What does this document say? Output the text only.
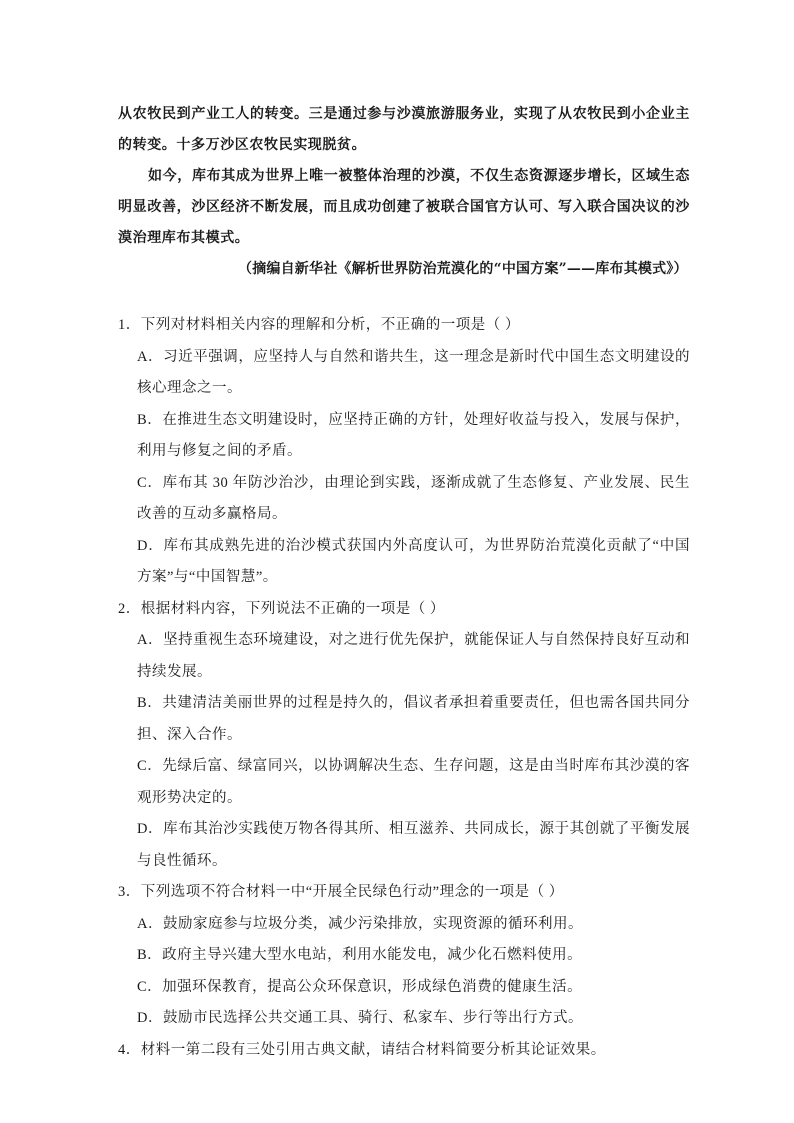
从农牧民到产业工人的转变。三是通过参与沙漠旅游服务业，实现了从农牧民到小企业主的转变。十多万沙区农牧民实现脱贫。

如今，库布其成为世界上唯一被整体治理的沙漠，不仅生态资源逐步增长，区域生态明显改善，沙区经济不断发展，而且成功创建了被联合国官方认可、写入联合国决议的沙漠治理库布其模式。

（摘编自新华社《解析世界防治荒漠化的“中国方案”——库布其模式》）

1．下列对材料相关内容的理解和分析，不正确的一项是（ ）

A．习近平强调，应坚持人与自然和谐共生，这一理念是新时代中国生态文明建设的核心理念之一。

B．在推进生态文明建设时，应坚持正确的方针，处理好收益与投入，发展与保护，利用与修复之间的矛盾。

C．库布其 30 年防沙治沙，由理论到实践，逐渐成就了生态修复、产业发展、民生改善的互动多赢格局。

D．库布其成熟先进的治沙模式获国内外高度认可，为世界防治荒漠化贡献了“中国方案”与“中国智慧”。

2．根据材料内容，下列说法不正确的一项是（ ）

A．坚持重视生态环境建设，对之进行优先保护，就能保证人与自然保持良好互动和持续发展。

B．共建清洁美丽世界的过程是持久的，倡议者承担着重要责任，但也需各国共同分担、深入合作。

C．先绿后富、绿富同兴，以协调解决生态、生存问题，这是由当时库布其沙漠的客观形势决定的。

D．库布其治沙实践使万物各得其所、相互滋养、共同成长，源于其创就了平衡发展与良性循环。

3．下列选项不符合材料一中“开展全民绿色行动”理念的一项是（ ）

A．鼓励家庭参与垃圾分类，减少污染排放，实现资源的循环利用。

B．政府主导兴建大型水电站，利用水能发电，减少化石燃料使用。

C．加强环保教育，提高公众环保意识，形成绿色消费的健康生活。

D．鼓励市民选择公共交通工具、骑行、私家车、步行等出行方式。

4．材料一第二段有三处引用古典文献，请结合材料简要分析其论证效果。
